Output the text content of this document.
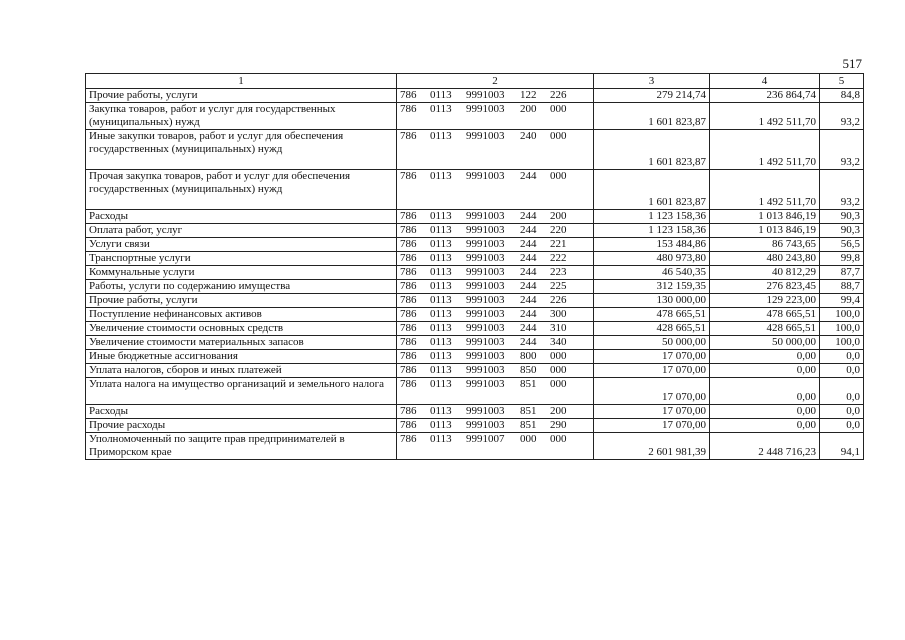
517
1	2	3	4	5
Прочие работы, услуги	786 0113 9991003 122 226	279 214,74	236 864,74	84,8
Закупка товаров, работ и услуг для государственных (муниципальных) нужд	786 0113 9991003 200 000	1 601 823,87	1 492 511,70	93,2
Иные закупки товаров, работ и услуг для обеспечения государственных (муниципальных) нужд	786 0113 9991003 240 000	1 601 823,87	1 492 511,70	93,2
Прочая закупка товаров, работ и услуг для обеспечения государственных (муниципальных) нужд	786 0113 9991003 244 000	1 601 823,87	1 492 511,70	93,2
Расходы	786 0113 9991003 244 200	1 123 158,36	1 013 846,19	90,3
Оплата работ, услуг	786 0113 9991003 244 220	1 123 158,36	1 013 846,19	90,3
Услуги связи	786 0113 9991003 244 221	153 484,86	86 743,65	56,5
Транспортные услуги	786 0113 9991003 244 222	480 973,80	480 243,80	99,8
Коммунальные услуги	786 0113 9991003 244 223	46 540,35	40 812,29	87,7
Работы, услуги по содержанию имущества	786 0113 9991003 244 225	312 159,35	276 823,45	88,7
Прочие работы, услуги	786 0113 9991003 244 226	130 000,00	129 223,00	99,4
Поступление нефинансовых активов	786 0113 9991003 244 300	478 665,51	478 665,51	100,0
Увеличение стоимости основных средств	786 0113 9991003 244 310	428 665,51	428 665,51	100,0
Увеличение стоимости материальных запасов	786 0113 9991003 244 340	50 000,00	50 000,00	100,0
Иные бюджетные ассигнования	786 0113 9991003 800 000	17 070,00	0,00	0,0
Уплата налогов, сборов и иных платежей	786 0113 9991003 850 000	17 070,00	0,00	0,0
Уплата налога на имущество организаций и земельного налога	786 0113 9991003 851 000	17 070,00	0,00	0,0
Расходы	786 0113 9991003 851 200	17 070,00	0,00	0,0
Прочие расходы	786 0113 9991003 851 290	17 070,00	0,00	0,0
Уполномоченный по защите прав предпринимателей в Приморском крае	786 0113 9991007 000 000	2 601 981,39	2 448 716,23	94,1
